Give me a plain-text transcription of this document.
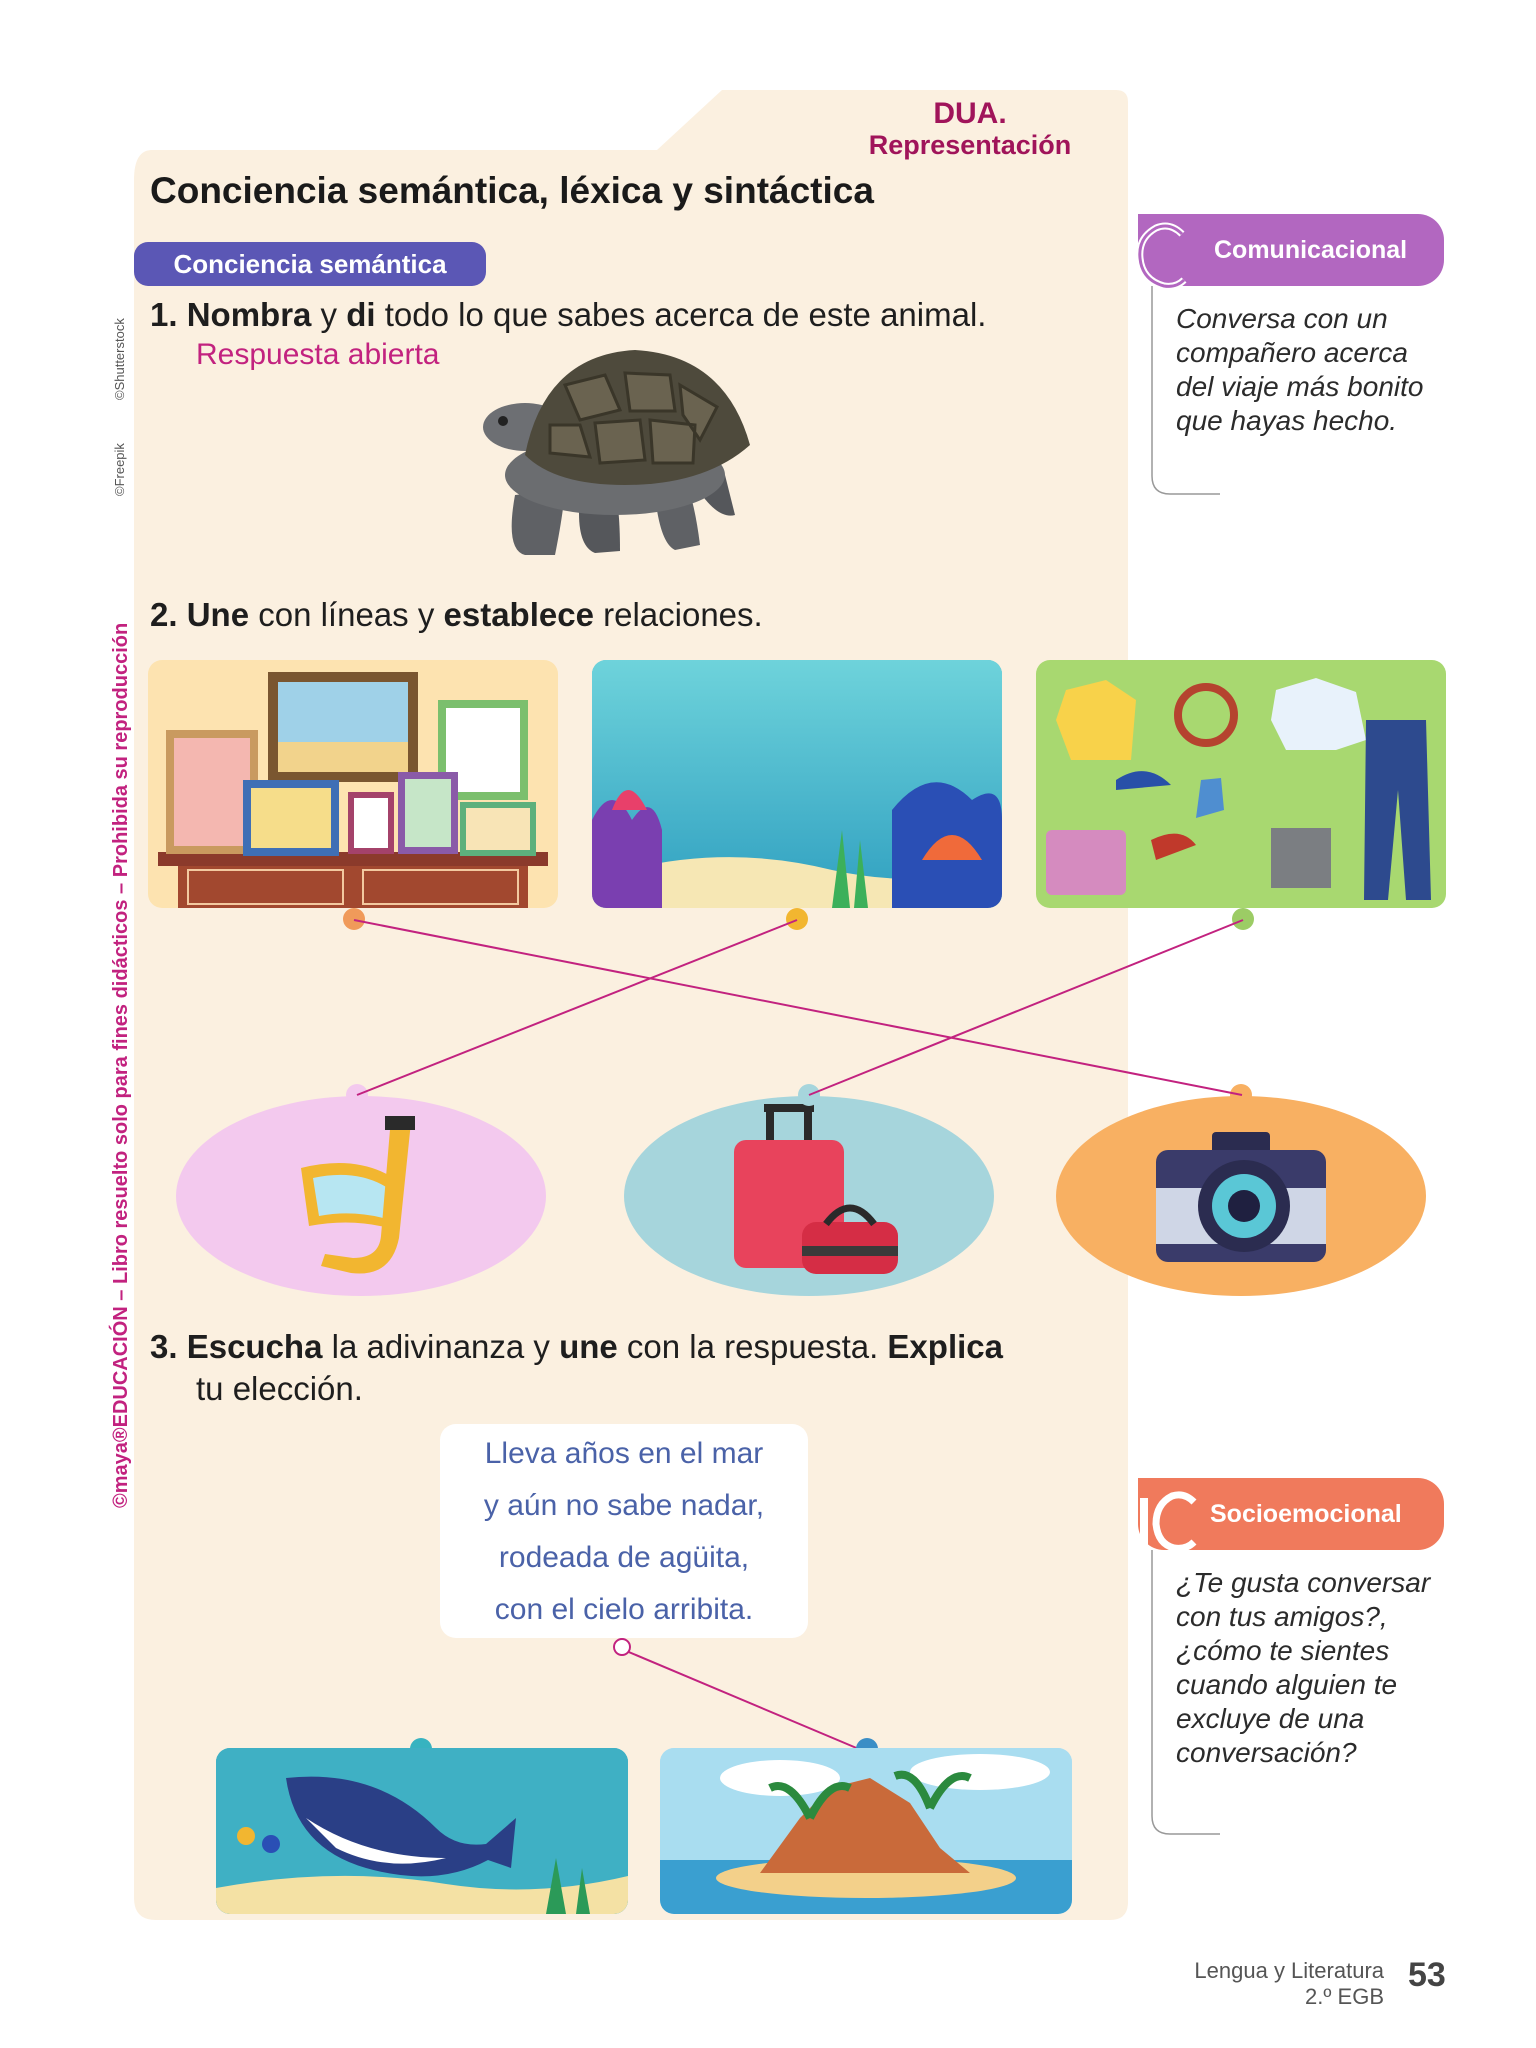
DUA.
Representación
Conciencia semántica, léxica y sintáctica
Conciencia semántica
1. Nombra y di todo lo que sabes acerca de este animal.
Respuesta abierta
2. Une con líneas y establece relaciones.
3. Escucha la adivinanza y une con la respuesta. Explica
tu elección.
Lleva años en el mar
y aún no sabe nadar,
rodeada de agüita,
con el cielo arribita.
Comunicacional
Conversa con un compañero acerca del viaje más bonito que hayas hecho.
Socioemocional
¿Te gusta conversar con tus amigos?, ¿cómo te sientes cuando alguien te excluye de una conversación?
©maya®EDUCACIÓN – Libro resuelto solo para fines didácticos – Prohibida su reproducción
©Shutterstock
©Freepik
Lengua y Literatura
2.º EGB
53
